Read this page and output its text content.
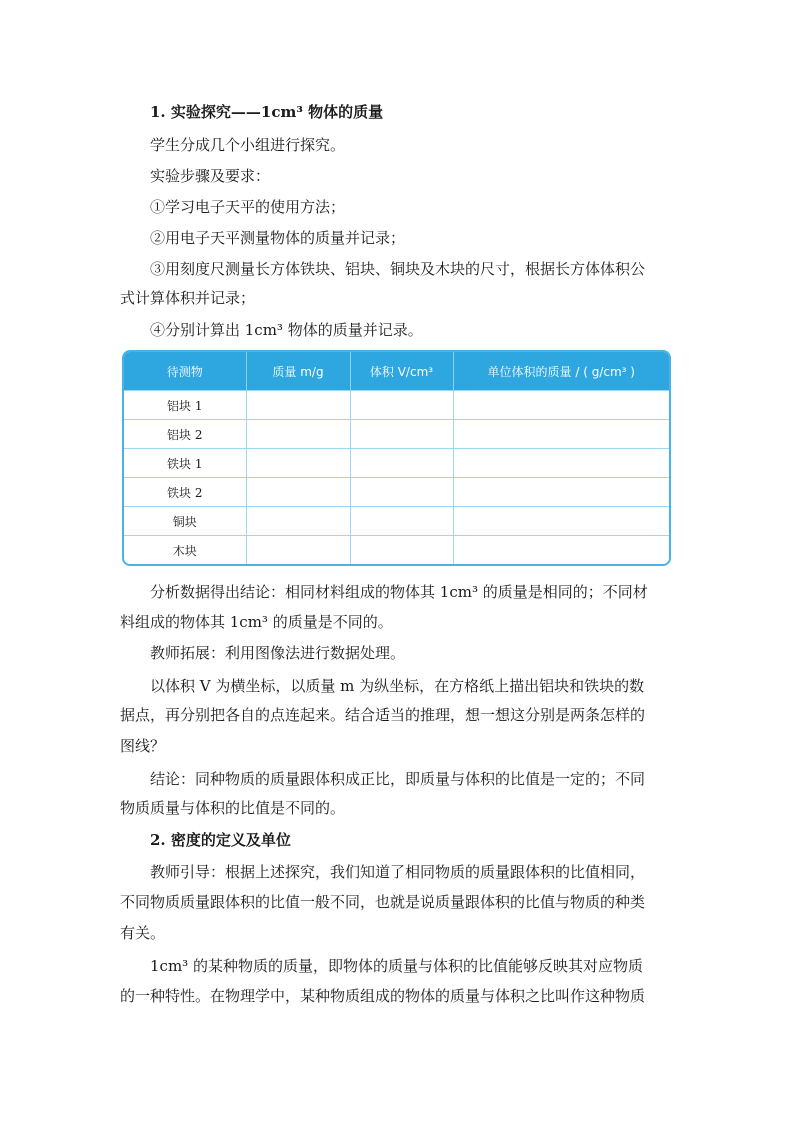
1. 实验探究——1cm³ 物体的质量
学生分成几个小组进行探究。
实验步骤及要求：
①学习电子天平的使用方法；
②用电子天平测量物体的质量并记录；
③用刻度尺测量长方体铁块、铝块、铜块及木块的尺寸，根据长方体体积公
式计算体积并记录；
④分别计算出 1cm³ 物体的质量并记录。
待测物	质量 m/g	体积 V/cm³	单位体积的质量 / ( g/cm³ )
铝块 1			
铝块 2			
铁块 1			
铁块 2			
铜块			
木块			
分析数据得出结论：相同材料组成的物体其 1cm³ 的质量是相同的；不同材
料组成的物体其 1cm³ 的质量是不同的。
教师拓展：利用图像法进行数据处理。
以体积 V 为横坐标，以质量 m 为纵坐标，在方格纸上描出铝块和铁块的数
据点，再分别把各自的点连起来。结合适当的推理，想一想这分别是两条怎样的
图线？
结论：同种物质的质量跟体积成正比，即质量与体积的比值是一定的；不同
物质质量与体积的比值是不同的。
2. 密度的定义及单位
教师引导：根据上述探究，我们知道了相同物质的质量跟体积的比值相同，
不同物质质量跟体积的比值一般不同，也就是说质量跟体积的比值与物质的种类
有关。
1cm³ 的某种物质的质量，即物体的质量与体积的比值能够反映其对应物质
的一种特性。在物理学中，某种物质组成的物体的质量与体积之比叫作这种物质
